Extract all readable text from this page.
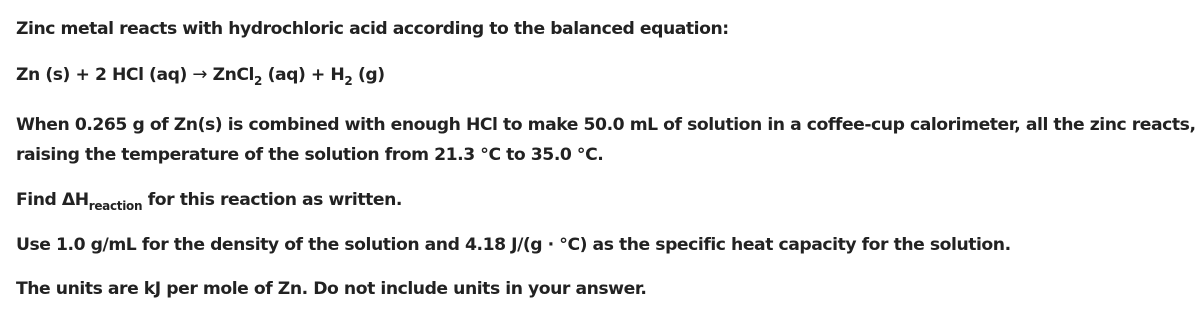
Zinc metal reacts with hydrochloric acid according to the balanced equation:

Zn (s) + 2 HCl (aq) → ZnCl$_2$ $(aq) + H_2$ (g)

When 0.265 g of Zn(s) is combined with enough HCl to make 50.0 mL of solution in a coffee-cup calorimeter, all the zinc reacts, raising the temperature of the solution from 21.3 °C to 35.0 °C.

Find $\Delta H_{reaction}$ for this reaction as written.

Use 1.0 g/mL for the density of the solution and 4.18 J/(g · °C) as the specific heat capacity for the solution.

The units are kJ per mole of Zn. Do not include units in your answer.
